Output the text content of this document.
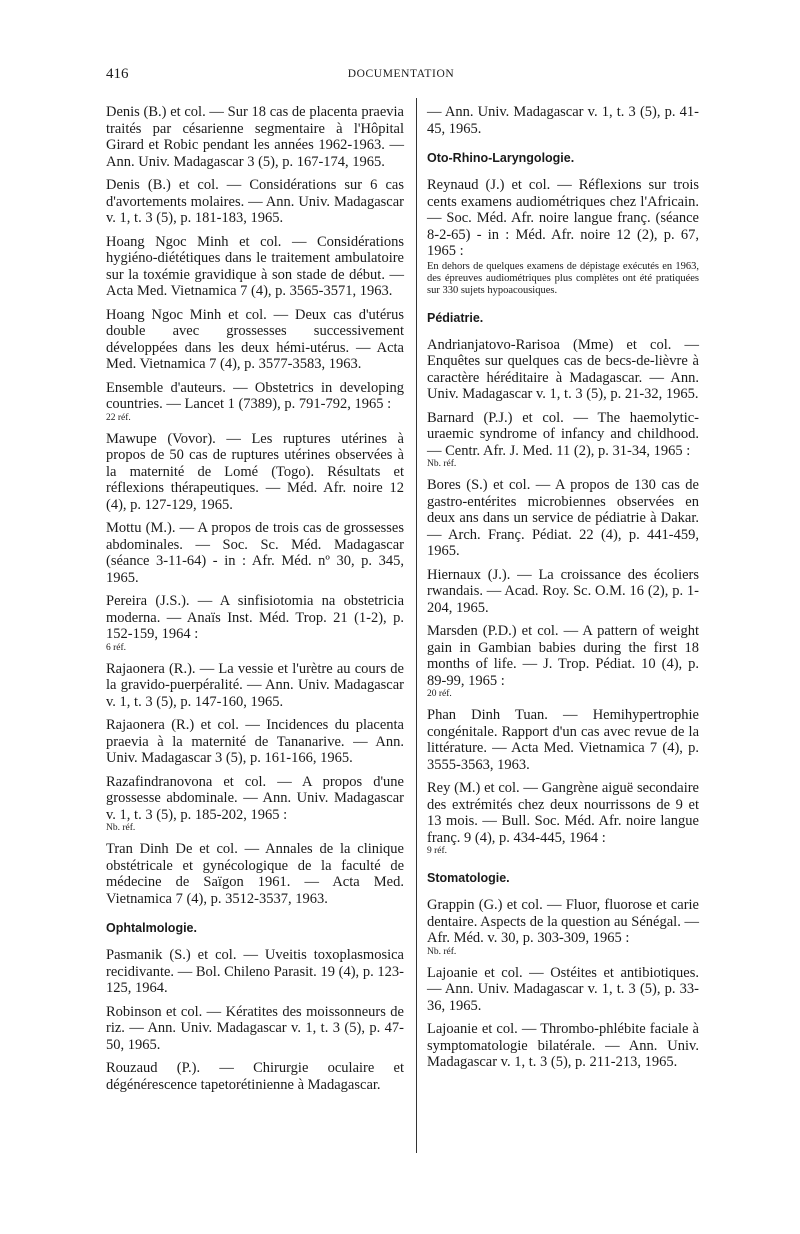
416	DOCUMENTATION
Denis (B.) et col. — Sur 18 cas de placenta praevia traités par césarienne segmentaire à l'Hôpital Girard et Robic pendant les années 1962-1963. — Ann. Univ. Madagascar 3 (5), p. 167-174, 1965.
Denis (B.) et col. — Considérations sur 6 cas d'avortements molaires. — Ann. Univ. Madagascar v. 1, t. 3 (5), p. 181-183, 1965.
Hoang Ngoc Minh et col. — Considérations hygiéno-diététiques dans le traitement ambulatoire sur la toxémie gravidique à son stade de début. — Acta Med. Vietnamica 7 (4), p. 3565-3571, 1963.
Hoang Ngoc Minh et col. — Deux cas d'utérus double avec grossesses successivement développées dans les deux hémi-utérus. — Acta Med. Vietnamica 7 (4), p. 3577-3583, 1963.
Ensemble d'auteurs. — Obstetrics in developing countries. — Lancet 1 (7389), p. 791-792, 1965 :
22 réf.
Mawupe (Vovor). — Les ruptures utérines à propos de 50 cas de ruptures utérines observées à la maternité de Lomé (Togo). Résultats et réflexions thérapeutiques. — Méd. Afr. noire 12 (4), p. 127-129, 1965.
Mottu (M.). — A propos de trois cas de grossesses abdominales. — Soc. Sc. Méd. Madagascar (séance 3-11-64) - in : Afr. Méd. nº 30, p. 345, 1965.
Pereira (J.S.). — A sinfisiotomia na obstetricia moderna. — Anaïs Inst. Méd. Trop. 21 (1-2), p. 152-159, 1964 :
6 réf.
Rajaonera (R.). — La vessie et l'urètre au cours de la gravido-puerpéralité. — Ann. Univ. Madagascar v. 1, t. 3 (5), p. 147-160, 1965.
Rajaonera (R.) et col. — Incidences du placenta praevia à la maternité de Tananarive. — Ann. Univ. Madagascar 3 (5), p. 161-166, 1965.
Razafindranovona et col. — A propos d'une grossesse abdominale. — Ann. Univ. Madagascar v. 1, t. 3 (5), p. 185-202, 1965 :
Nb. réf.
Tran Dinh De et col. — Annales de la clinique obstétricale et gynécologique de la faculté de médecine de Saïgon 1961. — Acta Med. Vietnamica 7 (4), p. 3512-3537, 1963.
Ophtalmologie.
Pasmanik (S.) et col. — Uveitis toxoplasmosica recidivante. — Bol. Chileno Parasit. 19 (4), p. 123-125, 1964.
Robinson et col. — Kératites des moissonneurs de riz. — Ann. Univ. Madagascar v. 1, t. 3 (5), p. 47-50, 1965.
Rouzaud (P.). — Chirurgie oculaire et dégénérescence tapetorétinienne à Madagascar.
— Ann. Univ. Madagascar v. 1, t. 3 (5), p. 41-45, 1965.
Oto-Rhino-Laryngologie.
Reynaud (J.) et col. — Réflexions sur trois cents examens audiométriques chez l'Africain. — Soc. Méd. Afr. noire langue franç. (séance 8-2-65) - in : Méd. Afr. noire 12 (2), p. 67, 1965 :
En dehors de quelques examens de dépistage exécutés en 1963, des épreuves audiométriques plus complètes ont été pratiquées sur 330 sujets hypoacousiques.
Pédiatrie.
Andrianjatovo-Rarisoa (Mme) et col. — Enquêtes sur quelques cas de becs-de-lièvre à caractère héréditaire à Madagascar. — Ann. Univ. Madagascar v. 1, t. 3 (5), p. 21-32, 1965.
Barnard (P.J.) et col. — The haemolytic-uraemic syndrome of infancy and childhood. — Centr. Afr. J. Med. 11 (2), p. 31-34, 1965 :
Nb. réf.
Bores (S.) et col. — A propos de 130 cas de gastro-entérites microbiennes observées en deux ans dans un service de pédiatrie à Dakar. — Arch. Franç. Pédiat. 22 (4), p. 441-459, 1965.
Hiernaux (J.). — La croissance des écoliers rwandais. — Acad. Roy. Sc. O.M. 16 (2), p. 1-204, 1965.
Marsden (P.D.) et col. — A pattern of weight gain in Gambian babies during the first 18 months of life. — J. Trop. Pédiat. 10 (4), p. 89-99, 1965 :
20 réf.
Phan Dinh Tuan. — Hemihypertrophie congénitale. Rapport d'un cas avec revue de la littérature. — Acta Med. Vietnamica 7 (4), p. 3555-3563, 1963.
Rey (M.) et col. — Gangrène aiguë secondaire des extrémités chez deux nourrissons de 9 et 13 mois. — Bull. Soc. Méd. Afr. noire langue franç. 9 (4), p. 434-445, 1964 :
9 réf.
Stomatologie.
Grappin (G.) et col. — Fluor, fluorose et carie dentaire. Aspects de la question au Sénégal. — Afr. Méd. v. 30, p. 303-309, 1965 :
Nb. réf.
Lajoanie et col. — Ostéites et antibiotiques. — Ann. Univ. Madagascar v. 1, t. 3 (5), p. 33-36, 1965.
Lajoanie et col. — Thrombo-phlébite faciale à symptomatologie bilatérale. — Ann. Univ. Madagascar v. 1, t. 3 (5), p. 211-213, 1965.
